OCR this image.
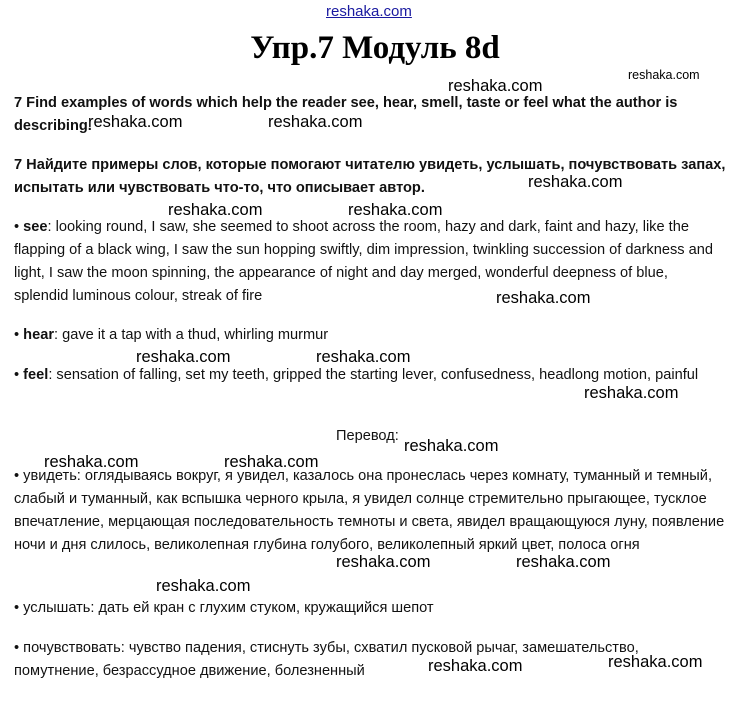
reshaka.com
Упр.7 Модуль 8d
7 Find examples of words which help the reader see, hear, smell, taste or feel what the author is describing.
7 Найдите примеры слов, которые помогают читателю увидеть, услышать, почувствовать запах, испытать или чувствовать что-то, что описывает автор.
• see: looking round, I saw, she seemed to shoot across the room, hazy and dark, faint and hazy, like the flapping of a black wing, I saw the sun hopping swiftly, dim impression, twinkling succession of darkness and light, I saw the moon spinning, the appearance of night and day merged, wonderful deepness of blue, splendid luminous colour, streak of fire
• hear: gave it a tap with a thud, whirling murmur
• feel: sensation of falling, set my teeth, gripped the starting lever, confusedness, headlong motion, painful
Перевод:
• увидеть: оглядываясь вокруг, я увидел, казалось она пронеслась через комнату, туманный и темный, слабый и туманный, как вспышка черного крыла, я увидел солнце стремительно прыгающее, тусклое впечатление, мерцающая последовательность темноты и света, явидел вращающуюся луну, появление ночи и дня слилось, великолепная глубина голубого, великолепный яркий цвет, полоса огня
• услышать: дать ей кран с глухим стуком, кружащийся шепот
• почувствовать: чувство падения, стиснуть зубы, схватил пусковой рычаг, замешательство, помутнение, безрассудное движение, болезненный
reshaka.com
reshaka.com
reshaka.com	reshaka.com
reshaka.com
reshaka.com	reshaka.com
reshaka.com
reshaka.com	reshaka.com
reshaka.com
reshaka.com
reshaka.com	reshaka.com
reshaka.com	reshaka.com
reshaka.com
reshaka.com	reshaka.com
